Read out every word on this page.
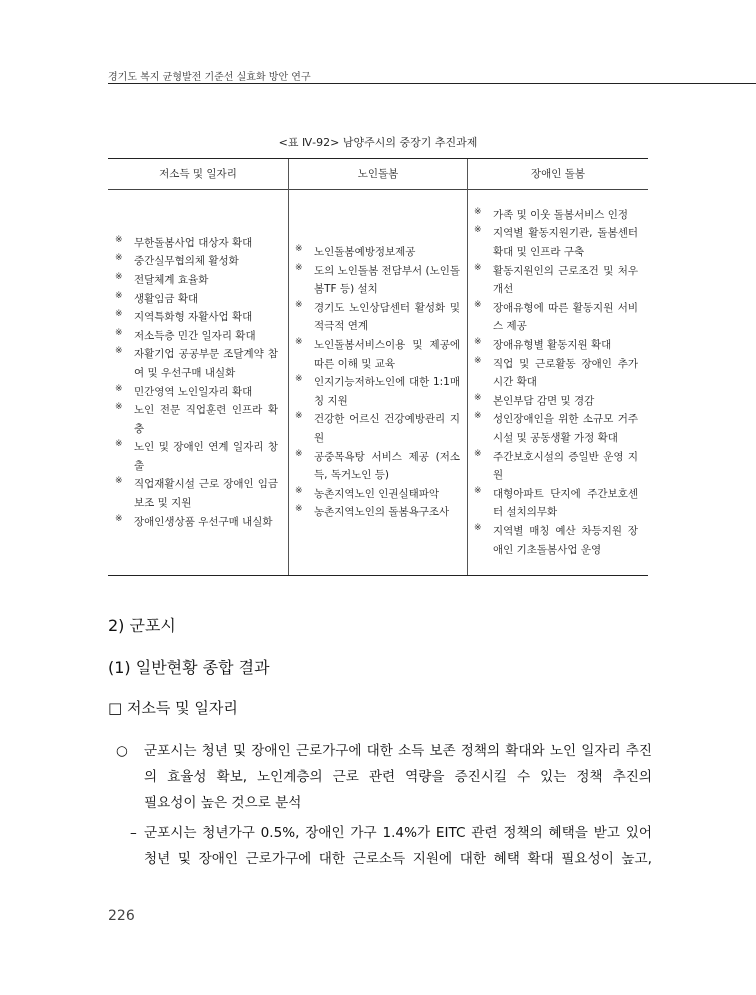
경기도 복지 균형발전 기준선 실효화 방안 연구
<표 Ⅳ-92> 남양주시의 중장기 추진과제
저소득 및 일자리	노인돌봄	장애인 돌봄
※ 무한돌봄사업 대상자 확대
※ 중간실무협의체 활성화
※ 전달체계 효율화
※ 생활임금 확대
※ 지역특화형 자활사업 확대
※ 저소득층 민간 일자리 확대
※ 자활기업 공공부문 조달계약 참여 및 우선구매 내실화
※ 민간영역 노인일자리 확대
※ 노인 전문 직업훈련 인프라 확충
※ 노인 및 장애인 연계 일자리 창출
※ 직업재활시설 근로 장애인 임금보조 및 지원
※ 장애인생상품 우선구매 내실화
※ 노인돌봄예방정보제공
※ 도의 노인돌봄 전담부서 (노인돌봄TF 등) 설치
※ 경기도 노인상담센터 활성화 및 적극적 연계
※ 노인돌봄서비스이용 및 제공에 따른 이해 및 교육
※ 인지기능저하노인에 대한 1:1매칭 지원
※ 건강한 어르신 건강예방관리 지원
※ 공중목욕탕 서비스 제공 (저소득, 독거노인 등)
※ 농촌지역노인 인권실태파악
※ 농촌지역노인의 돌봄욕구조사
※ 가족 및 이웃 돌봄서비스 인정
※ 지역별 활동지원기관, 돌봄센터 확대 및 인프라 구축
※ 활동지원인의 근로조건 및 처우개선
※ 장애유형에 따른 활동지원 서비스 제공
※ 장애유형별 활동지원 확대
※ 직업 및 근로활동 장애인 추가시간 확대
※ 본인부담 감면 및 경감
※ 성인장애인을 위한 소규모 거주시설 및 공동생활 가정 확대
※ 주간보호시설의 증일반 운영 지원
※ 대형아파트 단지에 주간보호센터 설치의무화
※ 지역별 매칭 예산 차등지원 장애인 기초돌봄사업 운영
2) 군포시
(1) 일반현황 종합 결과
□ 저소득 및 일자리
○ 군포시는 청년 및 장애인 근로가구에 대한 소득 보존 정책의 확대와 노인 일자리 추진의 효율성 확보, 노인계층의 근로 관련 역량을 증진시킬 수 있는 정책 추진의
필요성이 높은 것으로 분석
– 군포시는 청년가구 0.5%, 장애인 가구 1.4%가 EITC 관련 정책의 혜택을 받고 있어 청년 및 장애인 근로가구에 대한 근로소득 지원에 대한 혜택 확대 필요성이 높고,
226
